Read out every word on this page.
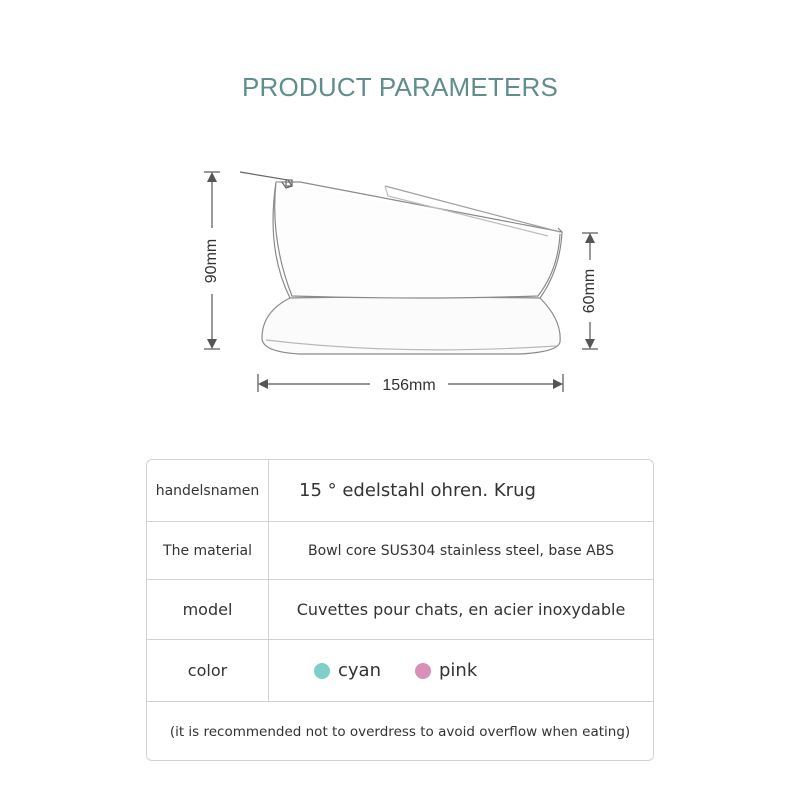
PRODUCT PARAMETERS
90mm
60mm
156mm
handelsnamen	15 ° edelstahl ohren. Krug
The material	Bowl core SUS304 stainless steel, base ABS
model	Cuvettes pour chats, en acier inoxydable
color	cyan	pink
(it is recommended not to overdress to avoid overflow when eating)
